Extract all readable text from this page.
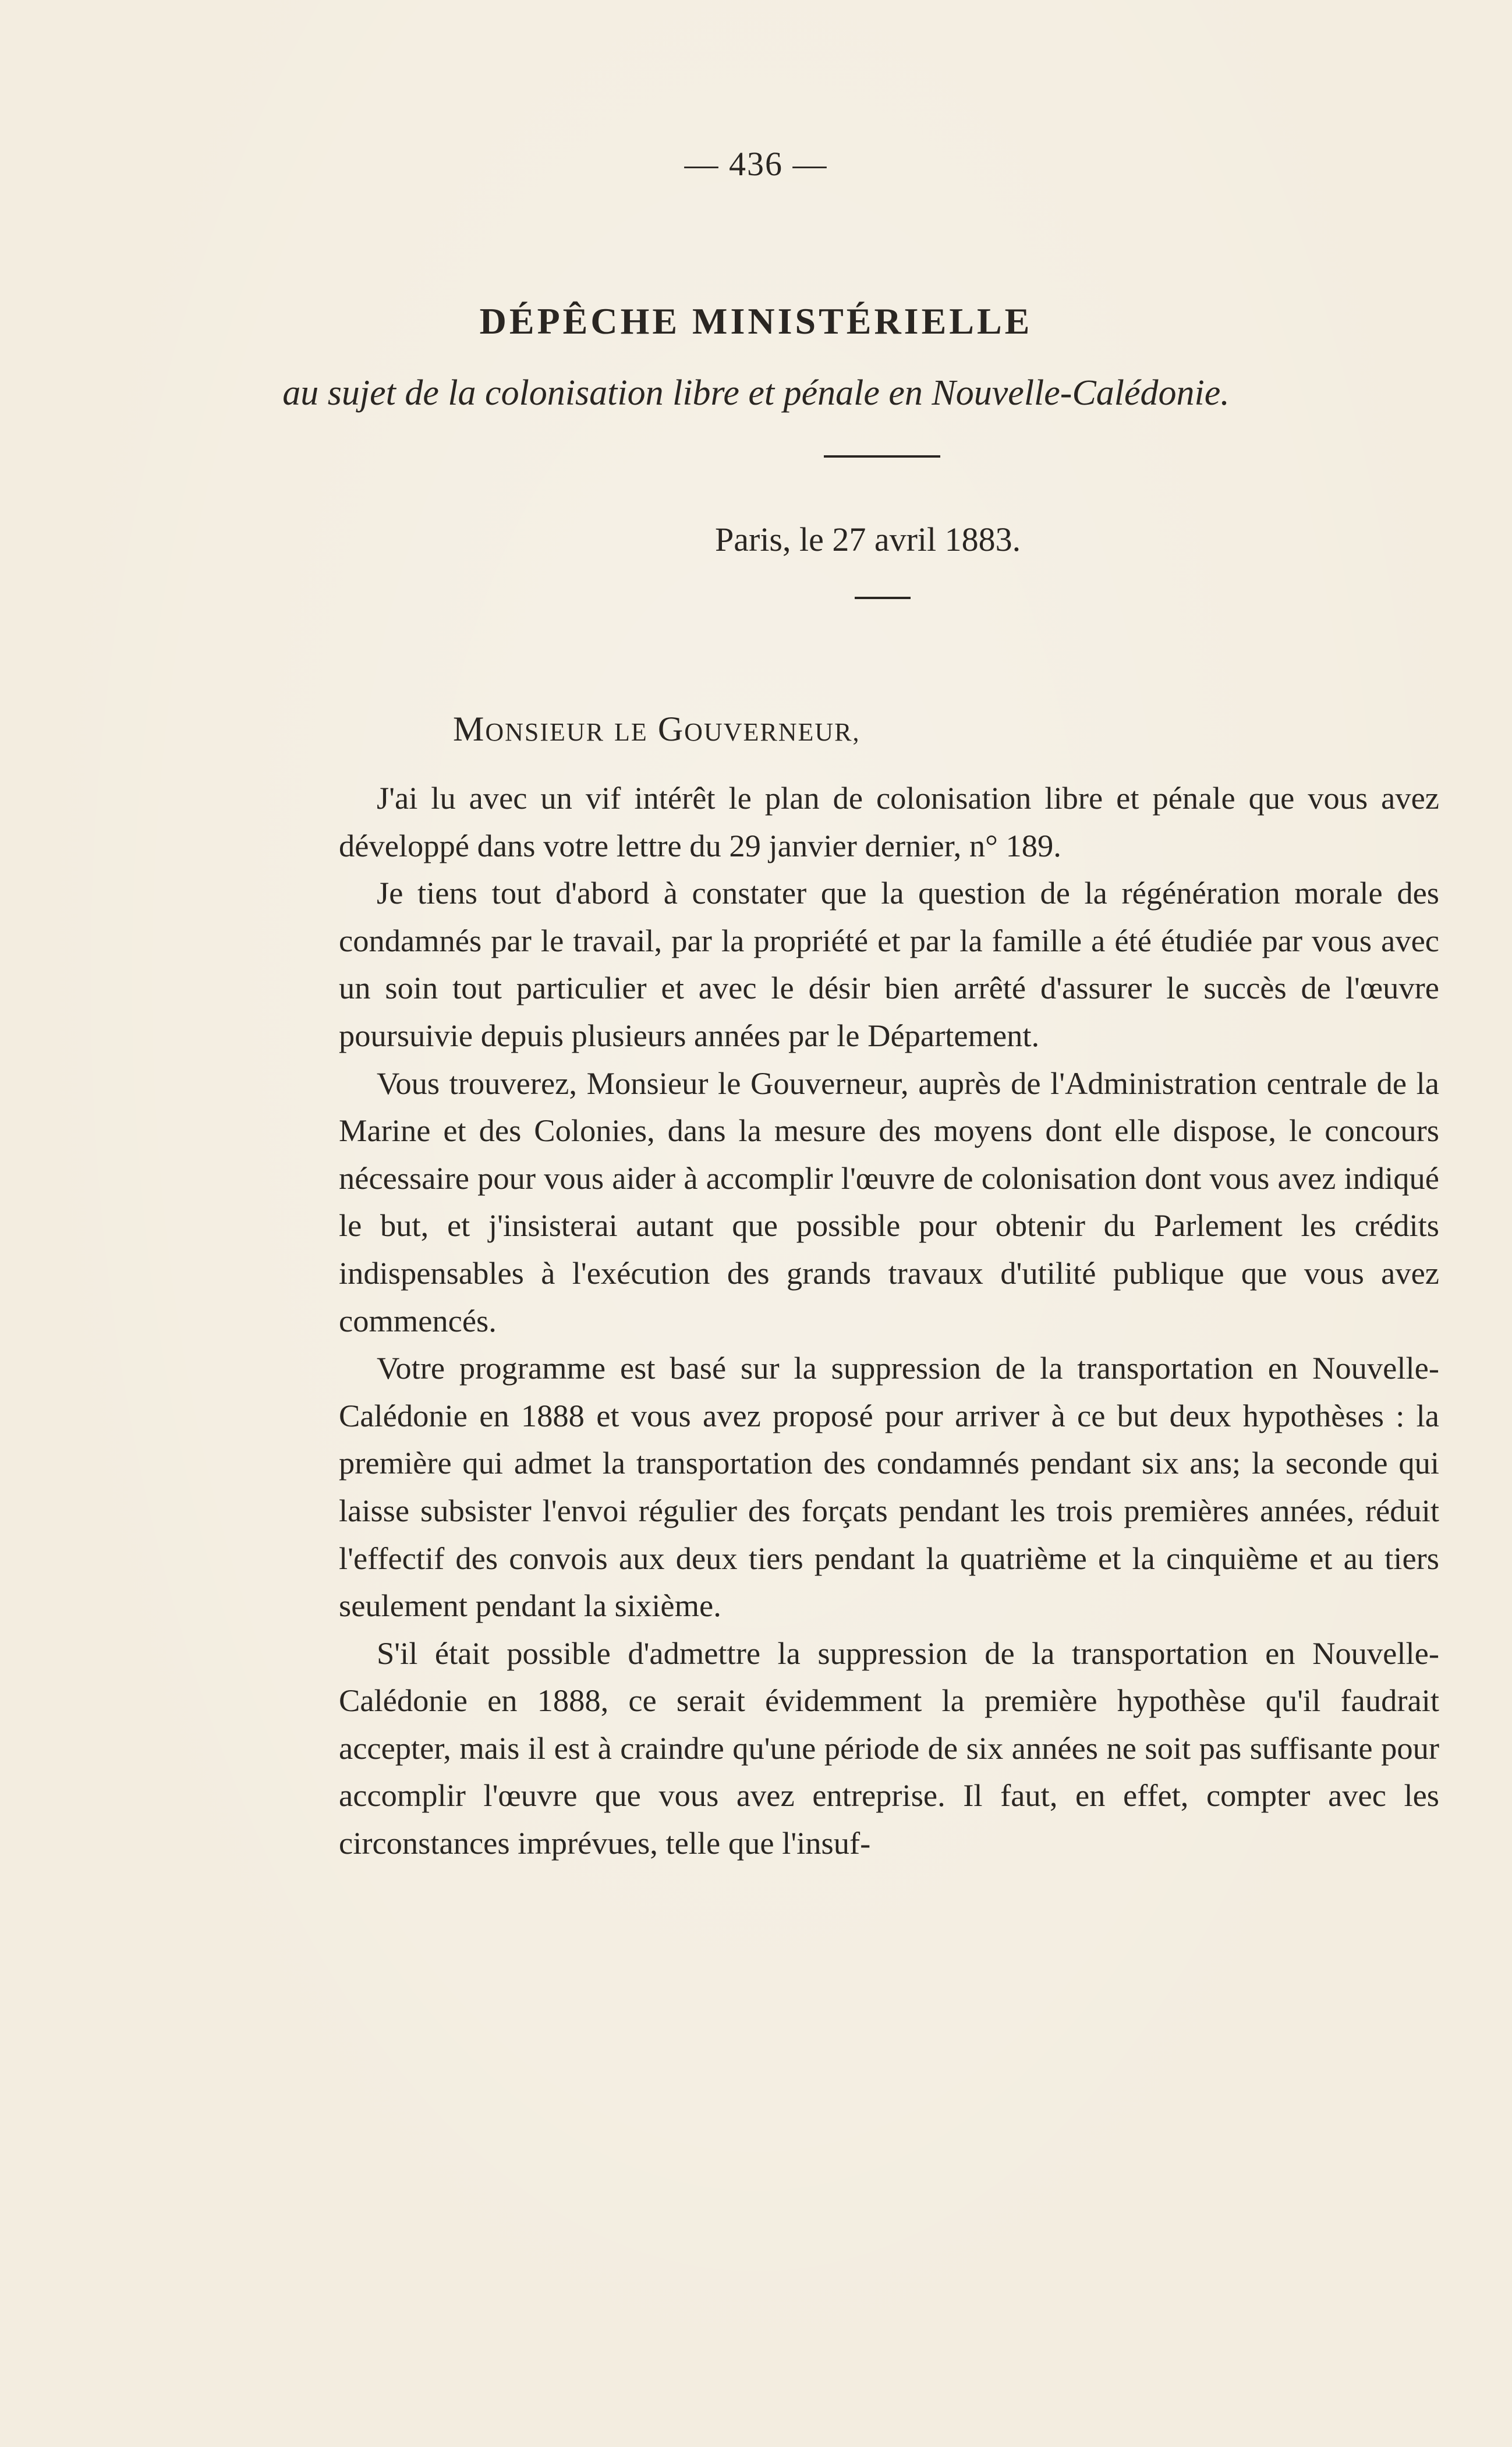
— 436 —
DÉPÊCHE MINISTÉRIELLE
au sujet de la colonisation libre et pénale en Nouvelle-Calédonie.
Paris, le 27 avril 1883.
MONSIEUR LE GOUVERNEUR,

J'ai lu avec un vif intérêt le plan de colonisation libre et pénale que vous avez développé dans votre lettre du 29 janvier dernier, n° 189.

Je tiens tout d'abord à constater que la question de la régénération morale des condamnés par le travail, par la propriété et par la famille a été étudiée par vous avec un soin tout particulier et avec le désir bien arrêté d'assurer le succès de l'œuvre poursuivie depuis plusieurs années par le Département.

Vous trouverez, Monsieur le Gouverneur, auprès de l'Administration centrale de la Marine et des Colonies, dans la mesure des moyens dont elle dispose, le concours nécessaire pour vous aider à accomplir l'œuvre de colonisation dont vous avez indiqué le but, et j'insisterai autant que possible pour obtenir du Parlement les crédits indispensables à l'exécution des grands travaux d'utilité publique que vous avez commencés.

Votre programme est basé sur la suppression de la transportation en Nouvelle-Calédonie en 1888 et vous avez proposé pour arriver à ce but deux hypothèses : la première qui admet la transportation des condamnés pendant six ans; la seconde qui laisse subsister l'envoi régulier des forçats pendant les trois premières années, réduit l'effectif des convois aux deux tiers pendant la quatrième et la cinquième et au tiers seulement pendant la sixième.

S'il était possible d'admettre la suppression de la transportation en Nouvelle-Calédonie en 1888, ce serait évidemment la première hypothèse qu'il faudrait accepter, mais il est à craindre qu'une période de six années ne soit pas suffisante pour accomplir l'œuvre que vous avez entreprise. Il faut, en effet, compter avec les circonstances imprévues, telle que l'insuf-
